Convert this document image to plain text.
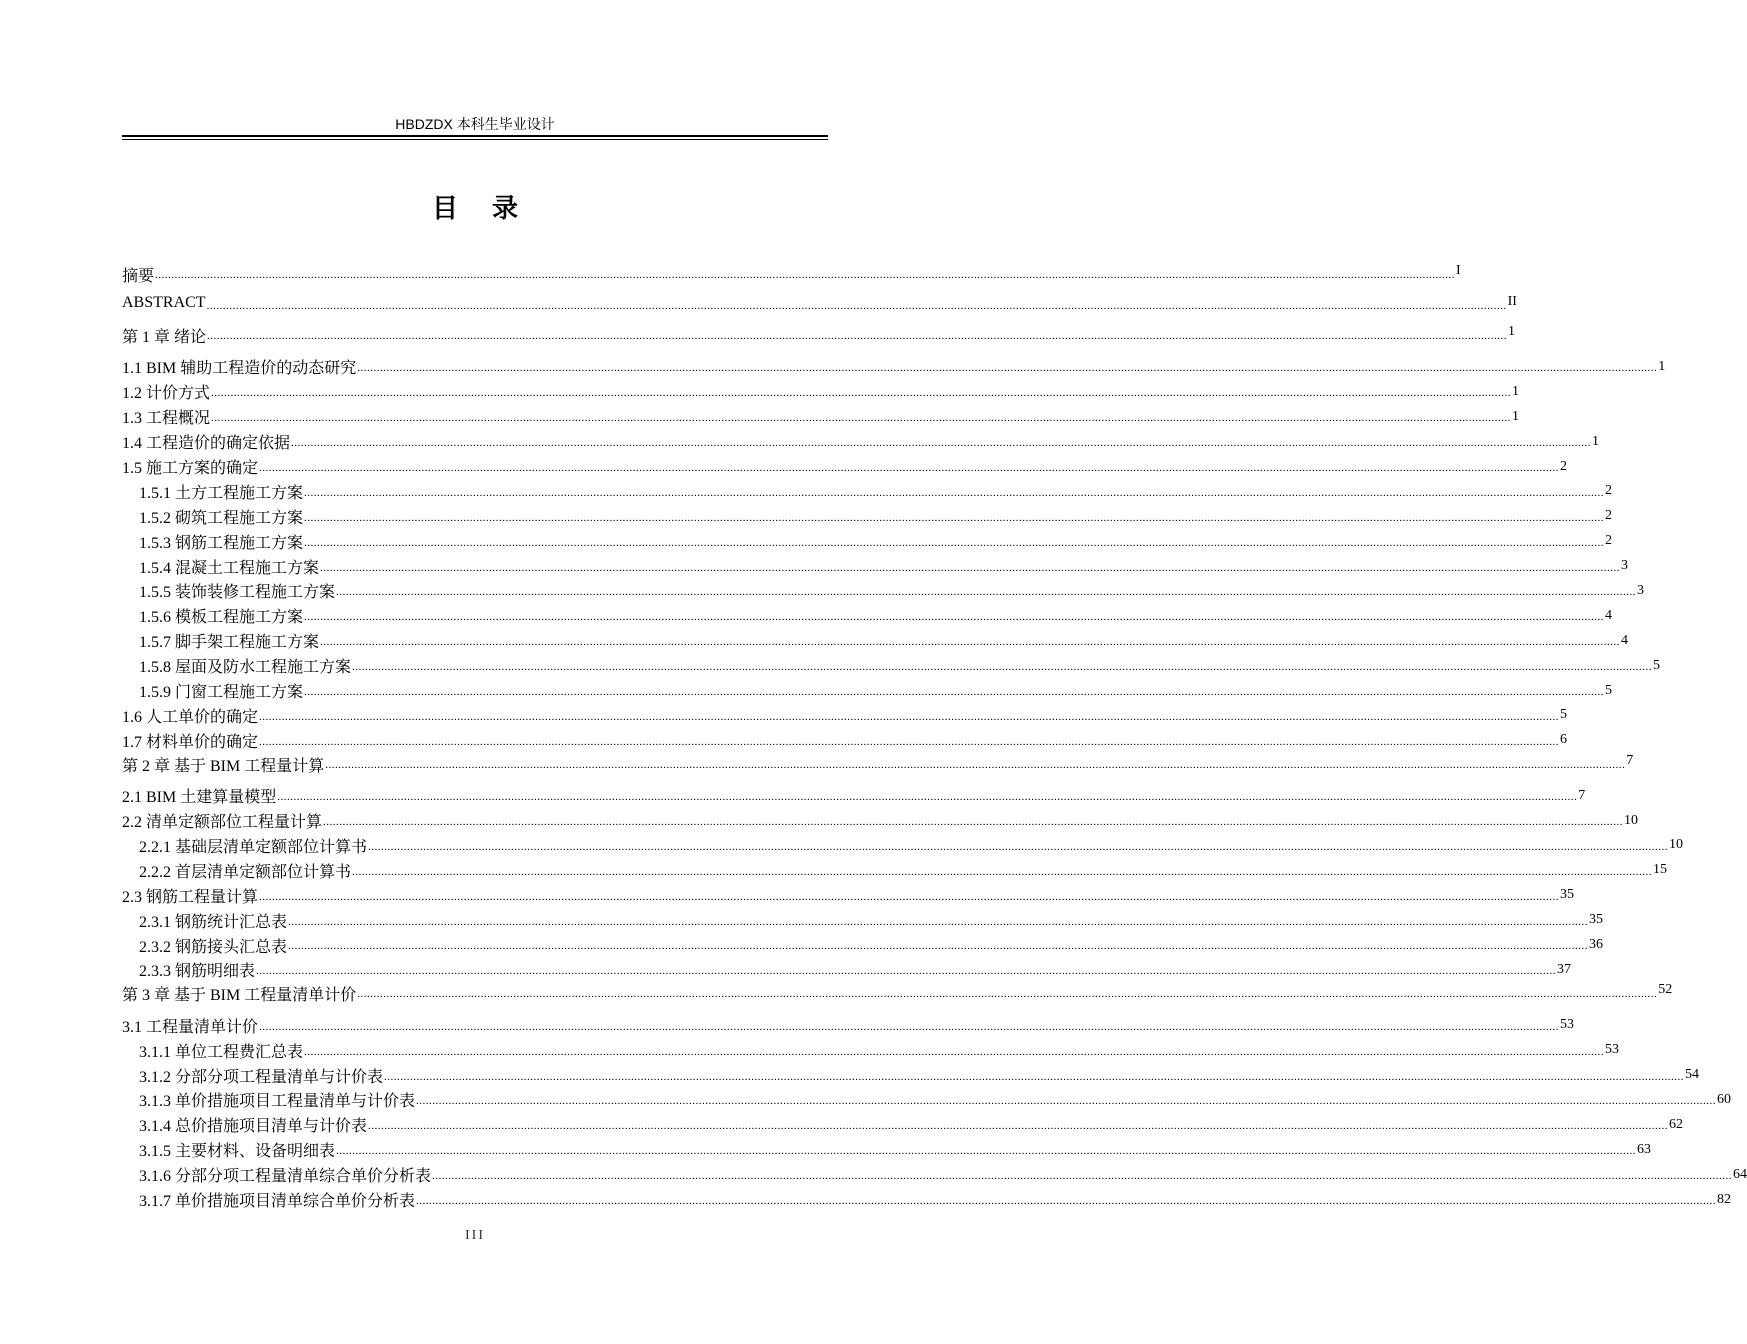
HBDZDX 本科生毕业设计
目录
摘要 ................................................................................................................................................................................................................................................................................................................................................................................................................ I
ABSTRACT ................................................................................................................................................................................................................................................................................................................................................................................................................ II
第 1 章 绪论 ................................................................................................................................................................................................................................................................................................................................................................................................................ 1
1.1 BIM 辅助工程造价的动态研究 ................................................................................................................................................................................................................................................................................................................................................................................................................ 1
1.2 计价方式 ................................................................................................................................................................................................................................................................................................................................................................................................................ 1
1.3 工程概况 ................................................................................................................................................................................................................................................................................................................................................................................................................ 1
1.4 工程造价的确定依据 ................................................................................................................................................................................................................................................................................................................................................................................................................ 1
1.5 施工方案的确定 ................................................................................................................................................................................................................................................................................................................................................................................................................ 2
1.5.1 土方工程施工方案 ................................................................................................................................................................................................................................................................................................................................................................................................................ 2
1.5.2 砌筑工程施工方案 ................................................................................................................................................................................................................................................................................................................................................................................................................ 2
1.5.3 钢筋工程施工方案 ................................................................................................................................................................................................................................................................................................................................................................................................................ 2
1.5.4 混凝土工程施工方案 ................................................................................................................................................................................................................................................................................................................................................................................................................ 3
1.5.5 装饰装修工程施工方案 ................................................................................................................................................................................................................................................................................................................................................................................................................ 3
1.5.6 模板工程施工方案 ................................................................................................................................................................................................................................................................................................................................................................................................................ 4
1.5.7 脚手架工程施工方案 ................................................................................................................................................................................................................................................................................................................................................................................................................ 4
1.5.8 屋面及防水工程施工方案 ................................................................................................................................................................................................................................................................................................................................................................................................................ 5
1.5.9 门窗工程施工方案 ................................................................................................................................................................................................................................................................................................................................................................................................................ 5
1.6 人工单价的确定 ................................................................................................................................................................................................................................................................................................................................................................................................................ 5
1.7 材料单价的确定 ................................................................................................................................................................................................................................................................................................................................................................................................................ 6
第 2 章 基于 BIM 工程量计算 ................................................................................................................................................................................................................................................................................................................................................................................................................ 7
2.1 BIM 土建算量模型 ................................................................................................................................................................................................................................................................................................................................................................................................................ 7
2.2 清单定额部位工程量计算 ................................................................................................................................................................................................................................................................................................................................................................................................................ 10
2.2.1 基础层清单定额部位计算书 ................................................................................................................................................................................................................................................................................................................................................................................................................ 10
2.2.2 首层清单定额部位计算书 ................................................................................................................................................................................................................................................................................................................................................................................................................ 15
2.3 钢筋工程量计算 ................................................................................................................................................................................................................................................................................................................................................................................................................ 35
2.3.1 钢筋统计汇总表 ................................................................................................................................................................................................................................................................................................................................................................................................................ 35
2.3.2 钢筋接头汇总表 ................................................................................................................................................................................................................................................................................................................................................................................................................ 36
2.3.3 钢筋明细表 ................................................................................................................................................................................................................................................................................................................................................................................................................ 37
第 3 章 基于 BIM 工程量清单计价 ................................................................................................................................................................................................................................................................................................................................................................................................................ 52
3.1 工程量清单计价 ................................................................................................................................................................................................................................................................................................................................................................................................................ 53
3.1.1 单位工程费汇总表 ................................................................................................................................................................................................................................................................................................................................................................................................................ 53
3.1.2 分部分项工程量清单与计价表 ................................................................................................................................................................................................................................................................................................................................................................................................................ 54
3.1.3 单价措施项目工程量清单与计价表 ................................................................................................................................................................................................................................................................................................................................................................................................................ 60
3.1.4 总价措施项目清单与计价表 ................................................................................................................................................................................................................................................................................................................................................................................................................ 62
3.1.5 主要材料、设备明细表 ................................................................................................................................................................................................................................................................................................................................................................................................................ 63
3.1.6 分部分项工程量清单综合单价分析表 ................................................................................................................................................................................................................................................................................................................................................................................................................ 64
3.1.7 单价措施项目清单综合单价分析表 ................................................................................................................................................................................................................................................................................................................................................................................................................ 82
III
